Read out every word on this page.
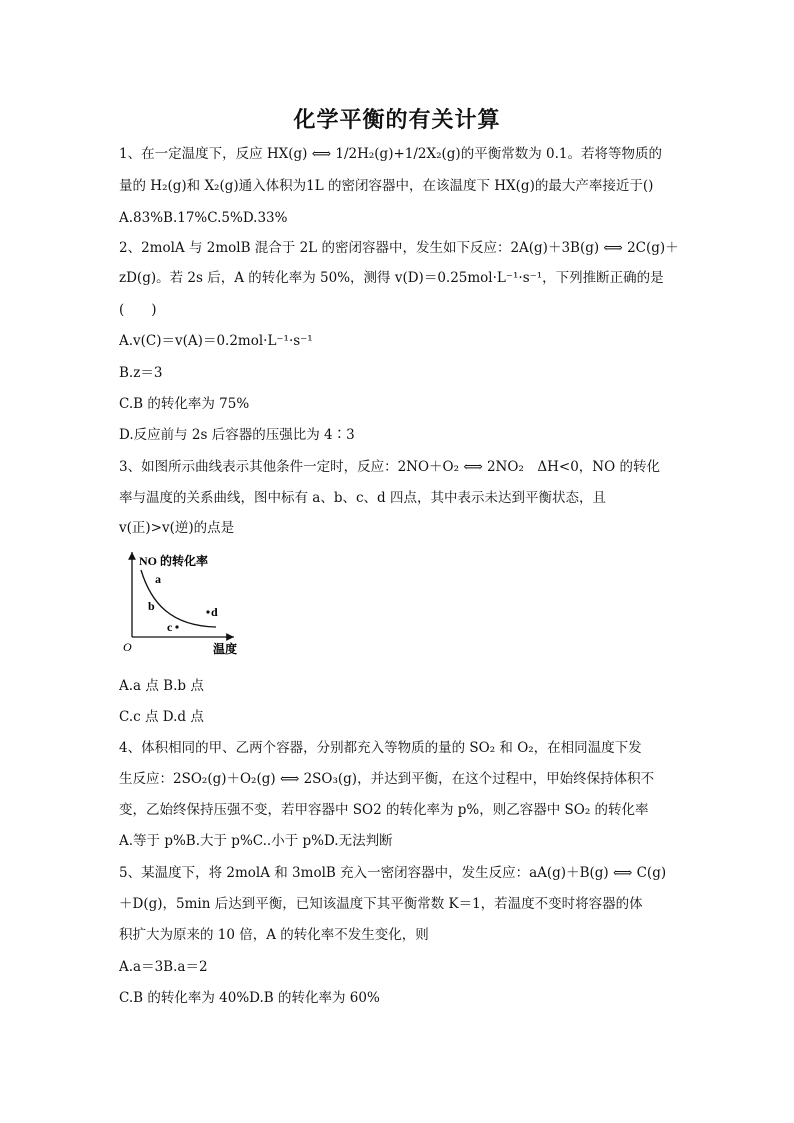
化学平衡的有关计算
1、在一定温度下，反应 HX(g) ⟺ 1/2H₂(g)+1/2X₂(g)的平衡常数为 0.1。若将等物质的
量的 H₂(g)和 X₂(g)通入体积为1L 的密闭容器中，在该温度下 HX(g)的最大产率接近于()
A.83%B.17%C.5%D.33%
2、2molA 与 2molB 混合于 2L 的密闭容器中，发生如下反应：2A(g)＋3B(g) ⟺ 2C(g)＋
zD(g)。若 2s 后，A 的转化率为 50%，测得 v(D)＝0.25mol·L⁻¹·s⁻¹，下列推断正确的是
(　　)
A.v(C)＝v(A)＝0.2mol·L⁻¹·s⁻¹
B.z＝3
C.B 的转化率为 75%
D.反应前与 2s 后容器的压强比为 4∶3
3、如图所示曲线表示其他条件一定时，反应：2NO＋O₂ ⟺ 2NO₂　ΔH<0，NO 的转化
率与温度的关系曲线，图中标有 a、b、c、d 四点，其中表示未达到平衡状态，且
v(正)>v(逆)的点是
NO 的转化率
温度
O
a
b
c
d
A.a 点 B.b 点
C.c 点 D.d 点
4、体积相同的甲、乙两个容器，分别都充入等物质的量的 SO₂ 和 O₂，在相同温度下发
生反应：2SO₂(g)＋O₂(g) ⟺ 2SO₃(g)，并达到平衡，在这个过程中，甲始终保持体积不
变，乙始终保持压强不变，若甲容器中 SO2 的转化率为 p%，则乙容器中 SO₂ 的转化率
A.等于 p%B.大于 p%C..小于 p%D.无法判断
5、某温度下，将 2molA 和 3molB 充入一密闭容器中，发生反应：aA(g)＋B(g) ⟺ C(g)
＋D(g)，5min 后达到平衡，已知该温度下其平衡常数 K＝1，若温度不变时将容器的体
积扩大为原来的 10 倍，A 的转化率不发生变化，则
A.a＝3B.a＝2
C.B 的转化率为 40%D.B 的转化率为 60%
